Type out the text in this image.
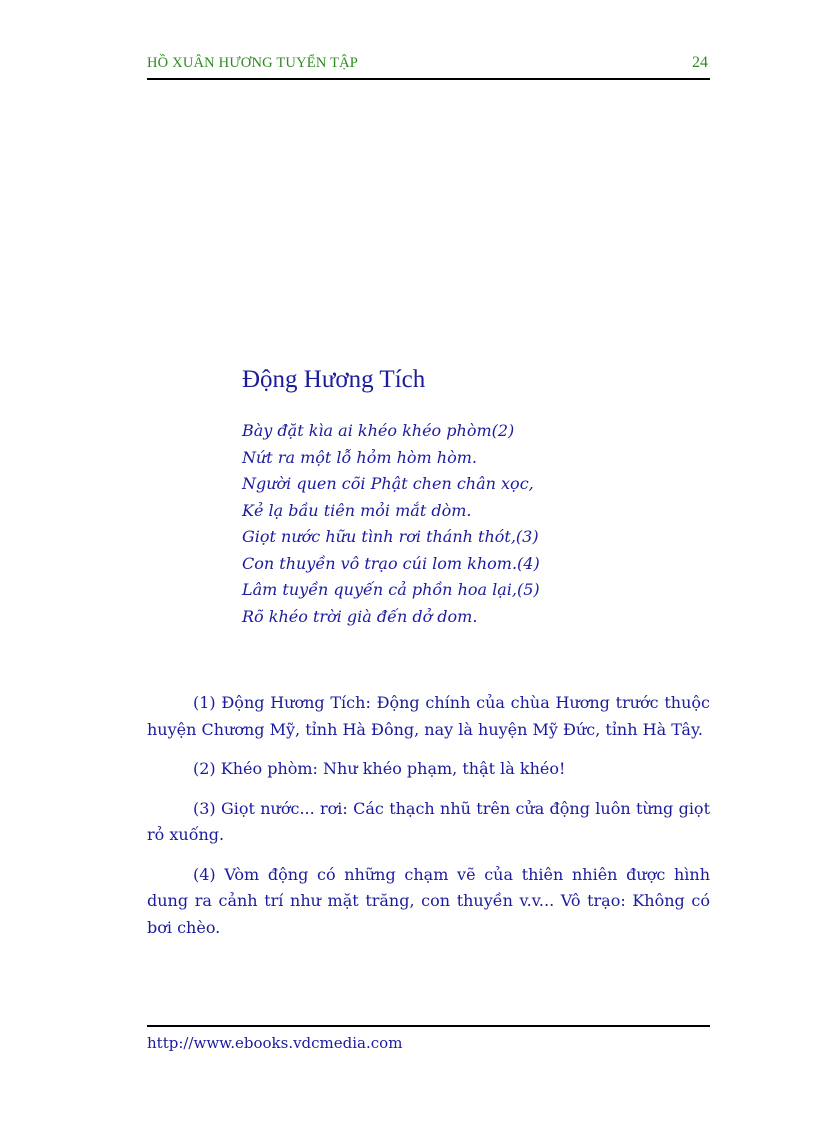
HỒ XUÂN HƯƠNG TUYỂN TẬP	24
Động Hương Tích
Bày đặt kìa ai khéo khéo phòm(2)
Nứt ra một lỗ hỏm hòm hòm.
Người quen cõi Phật chen chân xọc,
Kẻ lạ bầu tiên mỏi mắt dòm.
Giọt nước hữu tình rơi thánh thót,(3)
Con thuyền vô trạo cúi lom khom.(4)
Lâm tuyền quyến cả phồn hoa lại,(5)
Rõ khéo trời già đến dở dom.

(1) Động Hương Tích: Động chính của chùa Hương trước thuộc huyện Chương Mỹ, tỉnh Hà Đông, nay là huyện Mỹ Đức, tỉnh Hà Tây.

(2) Khéo phòm: Như khéo phạm, thật là khéo!

(3) Giọt nước... rơi: Các thạch nhũ trên cửa động luôn từng giọt rỏ xuống.

(4) Vòm động có những chạm vẽ của thiên nhiên được hình dung ra cảnh trí như mặt trăng, con thuyền v.v... Vô trạo: Không có bơi chèo.

http://www.ebooks.vdcmedia.com
